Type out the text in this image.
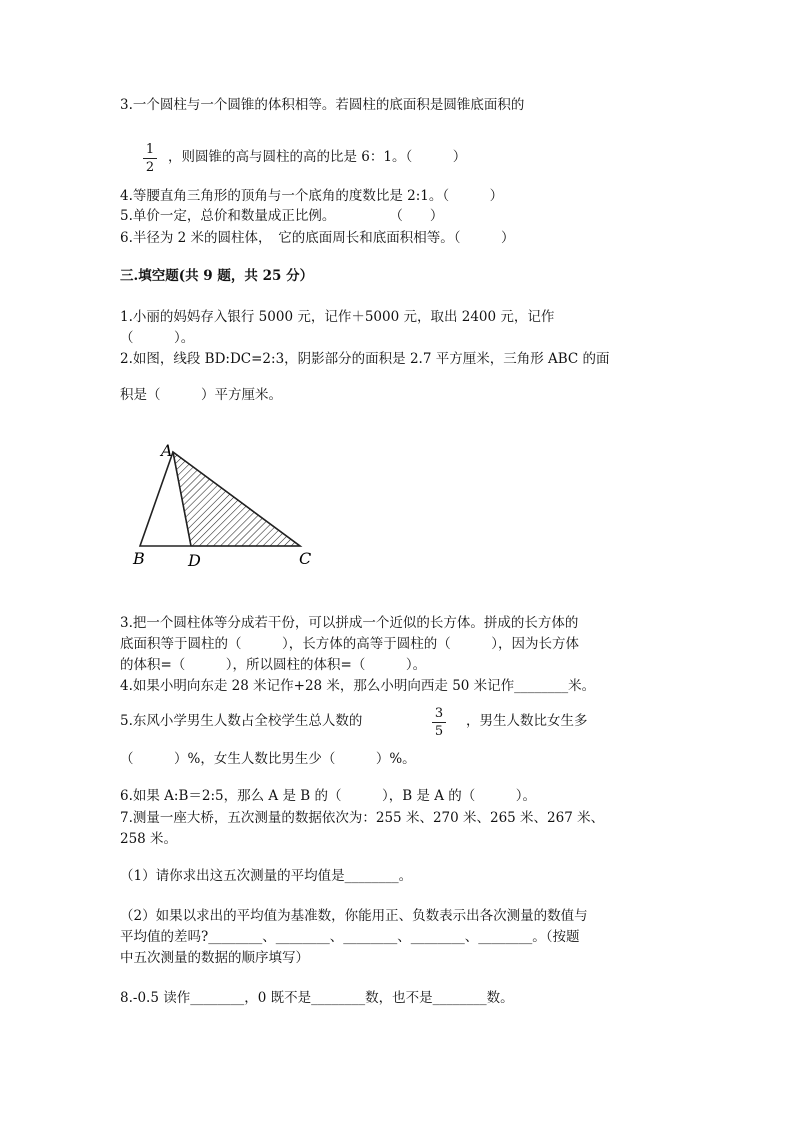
3.一个圆柱与一个圆锥的体积相等。若圆柱的底面积是圆锥底面积的
1
2
，则圆锥的高与圆柱的高的比是 6：1。（　　　）
4.等腰直角三角形的顶角与一个底角的度数比是 2:1。（　　　）
5.单价一定，总价和数量成正比例。　　　　　（　　）
6.半径为 2 米的圆柱体，　它的底面周长和底面积相等。（　　　）
三.填空题(共 9 题，共 25 分）
1.小丽的妈妈存入银行 5000 元，记作＋5000 元，取出 2400 元，记作
（　　　）。
2.如图，线段 BD:DC=2:3，阴影部分的面积是 2.7 平方厘米，三角形 ABC 的面
积是（　　　）平方厘米。
A
B	D	C
3.把一个圆柱体等分成若干份，可以拼成一个近似的长方体。拼成的长方体的
底面积等于圆柱的（　　　），长方体的高等于圆柱的（　　　），因为长方体
的体积=（　　　），所以圆柱的体积=（　　　）。
4.如果小明向东走 28 米记作+28 米，那么小明向西走 50 米记作________米。
5.东风小学男生人数占全校学生总人数的	3
5
，男生人数比女生多
（　　　）%，女生人数比男生少（　　　）%。
6.如果 A:B＝2:5，那么 A 是 B 的（　　　），B 是 A 的（　　　）。
7.测量一座大桥，五次测量的数据依次为：255 米、270 米、265 米、267 米、
258 米。
（1）请你求出这五次测量的平均值是________。
（2）如果以求出的平均值为基准数，你能用正、负数表示出各次测量的数值与
平均值的差吗?________、________、________、________、________。（按题
中五次测量的数据的顺序填写）
8.-0.5 读作________，0 既不是________数，也不是________数。
